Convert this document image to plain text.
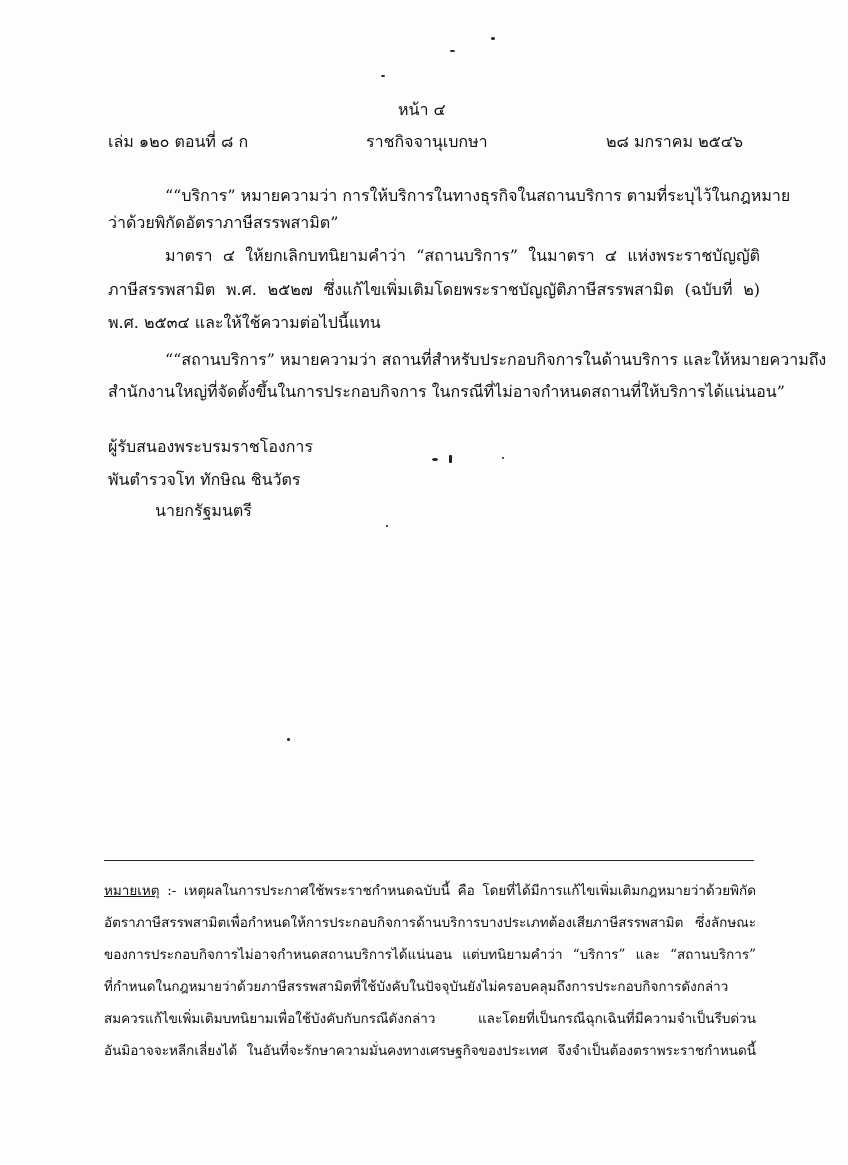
หน้า ๔
เล่ม ๑๒๐ ตอนที่ ๘ ก	ราชกิจจานุเบกษา	๒๘ มกราคม ๒๕๔๖
““บริการ” หมายความว่า การให้บริการในทางธุรกิจในสถานบริการ ตามที่ระบุไว้ในกฎหมาย
ว่าด้วยพิกัดอัตราภาษีสรรพสามิต”
มาตรา ๔ ให้ยกเลิกบทนิยามคำว่า “สถานบริการ” ในมาตรา ๔ แห่งพระราชบัญญัติ
ภาษีสรรพสามิต พ.ศ. ๒๕๒๗ ซึ่งแก้ไขเพิ่มเติมโดยพระราชบัญญัติภาษีสรรพสามิต (ฉบับที่ ๒)
พ.ศ. ๒๕๓๔ และให้ใช้ความต่อไปนี้แทน
““สถานบริการ” หมายความว่า สถานที่สำหรับประกอบกิจการในด้านบริการ และให้หมายความถึง
สำนักงานใหญ่ที่จัดตั้งขึ้นในการประกอบกิจการ ในกรณีที่ไม่อาจกำหนดสถานที่ให้บริการได้แน่นอน”
ผู้รับสนองพระบรมราชโองการ
พันตำรวจโท ทักษิณ ชินวัตร
นายกรัฐมนตรี
หมายเหตุ :- เหตุผลในการประกาศใช้พระราชกำหนดฉบับนี้ คือ โดยที่ได้มีการแก้ไขเพิ่มเติมกฎหมายว่าด้วยพิกัด
อัตราภาษีสรรพสามิตเพื่อกำหนดให้การประกอบกิจการด้านบริการบางประเภทต้องเสียภาษีสรรพสามิต ซึ่งลักษณะ
ของการประกอบกิจการไม่อาจกำหนดสถานบริการได้แน่นอน แต่บทนิยามคำว่า “บริการ” และ “สถานบริการ”
ที่กำหนดในกฎหมายว่าด้วยภาษีสรรพสามิตที่ใช้บังคับในปัจจุบันยังไม่ครอบคลุมถึงการประกอบกิจการดังกล่าว
สมควรแก้ไขเพิ่มเติมบทนิยามเพื่อใช้บังคับกับกรณีดังกล่าว และโดยที่เป็นกรณีฉุกเฉินที่มีความจำเป็นรีบด่วน
อันมิอาจจะหลีกเลี่ยงได้ ในอันที่จะรักษาความมั่นคงทางเศรษฐกิจของประเทศ จึงจำเป็นต้องตราพระราชกำหนดนี้
